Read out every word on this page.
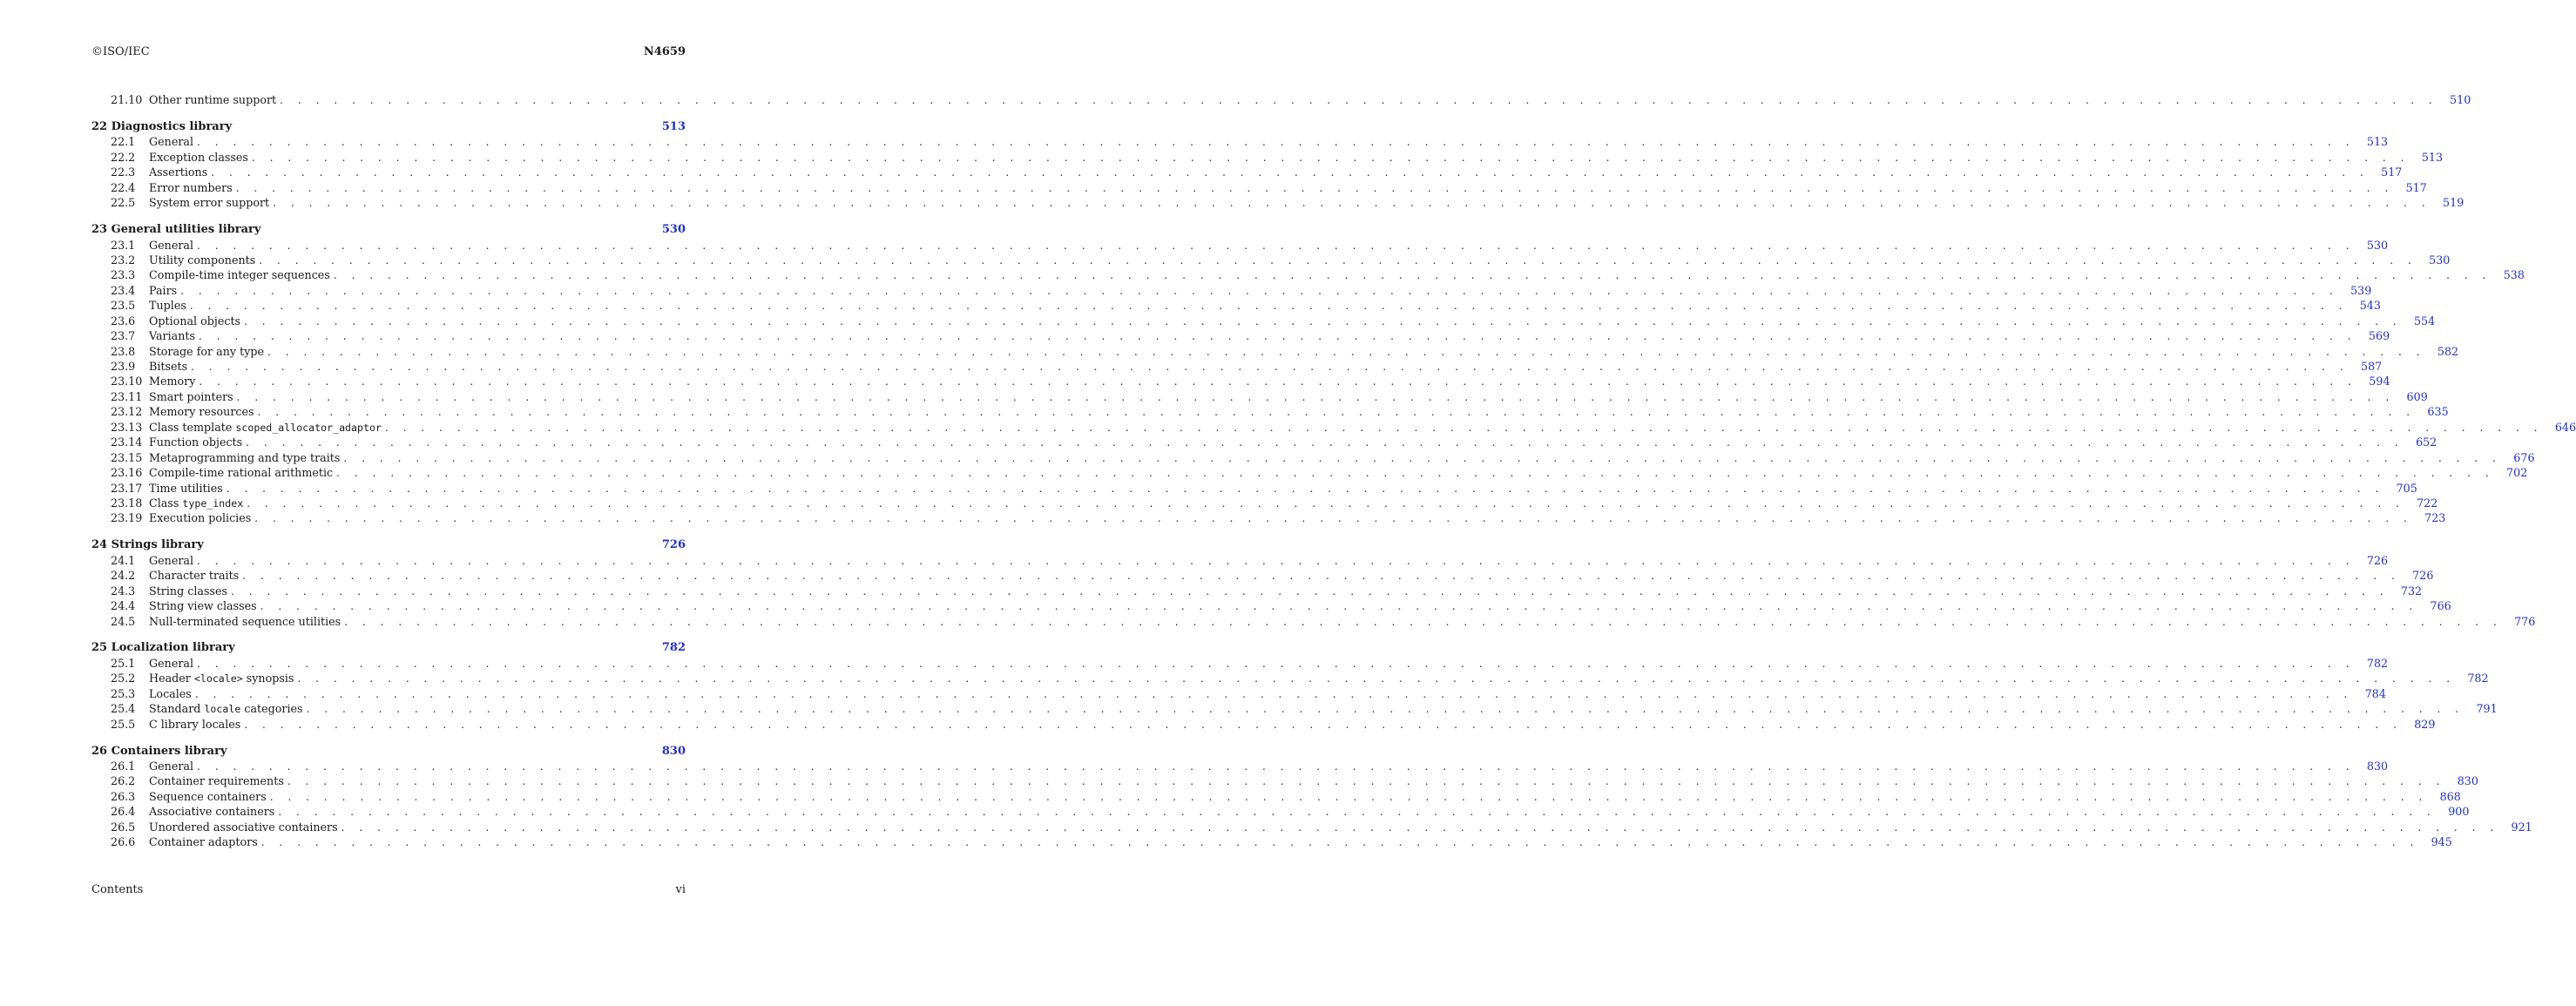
©ISO/IEC	N4659
21.10 Other runtime support . . . . . . . . . . . . . . . . . . . . . . . . . . . . . . . . . . . . . . . . . . . . . . . . . . . . . . . . . . . . . . . . . . . . . . . . . . . . . . . . . . . . . . . . . . . . . . . . . . . . . . . . . . . . . . . . . . . . . . . .	510
22 Diagnostics library	513
22.1	General . . . . . . . . . . . . . . . . . . . . . . . . . . . . . . . . . . . . . . . . . . . . . . . . . . . . . . . . . . . . . . . . . . . . . . . . . . . . . . . . . . . . . . . . . . . . . . . . . . . . . . . . . . . . . . . . . . . . . . . .	513
22.2	Exception classes . . . . . . . . . . . . . . . . . . . . . . . . . . . . . . . . . . . . . . . . . . . . . . . . . . . . . . . . . . . . . . . . . . . . . . . . . . . . . . . . . . . . . . . . . . . . . . . . . . . . . . . . . . . . . . . . . . . . . . . .	513
22.3	Assertions . . . . . . . . . . . . . . . . . . . . . . . . . . . . . . . . . . . . . . . . . . . . . . . . . . . . . . . . . . . . . . . . . . . . . . . . . . . . . . . . . . . . . . . . . . . . . . . . . . . . . . . . . . . . . . . . . . . . . . . .	517
22.4	Error numbers . . . . . . . . . . . . . . . . . . . . . . . . . . . . . . . . . . . . . . . . . . . . . . . . . . . . . . . . . . . . . . . . . . . . . . . . . . . . . . . . . . . . . . . . . . . . . . . . . . . . . . . . . . . . . . . . . . . . . . . .	517
22.5	System error support . . . . . . . . . . . . . . . . . . . . . . . . . . . . . . . . . . . . . . . . . . . . . . . . . . . . . . . . . . . . . . . . . . . . . . . . . . . . . . . . . . . . . . . . . . . . . . . . . . . . . . . . . . . . . . . . . . . . . . . .	519
23 General utilities library	530
23.1	General . . . . . . . . . . . . . . . . . . . . . . . . . . . . . . . . . . . . . . . . . . . . . . . . . . . . . . . . . . . . . . . . . . . . . . . . . . . . . . . . . . . . . . . . . . . . . . . . . . . . . . . . . . . . . . . . . . . . . . . .	530
23.2	Utility components . . . . . . . . . . . . . . . . . . . . . . . . . . . . . . . . . . . . . . . . . . . . . . . . . . . . . . . . . . . . . . . . . . . . . . . . . . . . . . . . . . . . . . . . . . . . . . . . . . . . . . . . . . . . . . . . . . . . . . . .	530
23.3	Compile-time integer sequences . . . . . . . . . . . . . . . . . . . . . . . . . . . . . . . . . . . . . . . . . . . . . . . . . . . . . . . . . . . . . . . . . . . . . . . . . . . . . . . . . . . . . . . . . . . . . . . . . . . . . . . . . . . . . . . . . . . . . . . .	538
23.4	Pairs . . . . . . . . . . . . . . . . . . . . . . . . . . . . . . . . . . . . . . . . . . . . . . . . . . . . . . . . . . . . . . . . . . . . . . . . . . . . . . . . . . . . . . . . . . . . . . . . . . . . . . . . . . . . . . . . . . . . . . . .	539
23.5	Tuples . . . . . . . . . . . . . . . . . . . . . . . . . . . . . . . . . . . . . . . . . . . . . . . . . . . . . . . . . . . . . . . . . . . . . . . . . . . . . . . . . . . . . . . . . . . . . . . . . . . . . . . . . . . . . . . . . . . . . . . .	543
23.6	Optional objects . . . . . . . . . . . . . . . . . . . . . . . . . . . . . . . . . . . . . . . . . . . . . . . . . . . . . . . . . . . . . . . . . . . . . . . . . . . . . . . . . . . . . . . . . . . . . . . . . . . . . . . . . . . . . . . . . . . . . . . .	554
23.7	Variants . . . . . . . . . . . . . . . . . . . . . . . . . . . . . . . . . . . . . . . . . . . . . . . . . . . . . . . . . . . . . . . . . . . . . . . . . . . . . . . . . . . . . . . . . . . . . . . . . . . . . . . . . . . . . . . . . . . . . . . .	569
23.8	Storage for any type . . . . . . . . . . . . . . . . . . . . . . . . . . . . . . . . . . . . . . . . . . . . . . . . . . . . . . . . . . . . . . . . . . . . . . . . . . . . . . . . . . . . . . . . . . . . . . . . . . . . . . . . . . . . . . . . . . . . . . . .	582
23.9	Bitsets . . . . . . . . . . . . . . . . . . . . . . . . . . . . . . . . . . . . . . . . . . . . . . . . . . . . . . . . . . . . . . . . . . . . . . . . . . . . . . . . . . . . . . . . . . . . . . . . . . . . . . . . . . . . . . . . . . . . . . . .	587
23.10 Memory . . . . . . . . . . . . . . . . . . . . . . . . . . . . . . . . . . . . . . . . . . . . . . . . . . . . . . . . . . . . . . . . . . . . . . . . . . . . . . . . . . . . . . . . . . . . . . . . . . . . . . . . . . . . . . . . . . . . . . . .	594
23.11 Smart pointers . . . . . . . . . . . . . . . . . . . . . . . . . . . . . . . . . . . . . . . . . . . . . . . . . . . . . . . . . . . . . . . . . . . . . . . . . . . . . . . . . . . . . . . . . . . . . . . . . . . . . . . . . . . . . . . . . . . . . . . .	609
23.12 Memory resources . . . . . . . . . . . . . . . . . . . . . . . . . . . . . . . . . . . . . . . . . . . . . . . . . . . . . . . . . . . . . . . . . . . . . . . . . . . . . . . . . . . . . . . . . . . . . . . . . . . . . . . . . . . . . . . . . . . . . . . .	635
23.13 Class template scoped_allocator_adaptor . . . . . . . . . . . . . . . . . . . . . . . . . . . . . . . . . . . . . . . . . . . . . . . . . . . . . . . . . . . . . . . . . . . . . . . . . . . . . . . . . . . . . . . . . . . . . . . . . . . . . . . . . . . . . . . . . . . . . . . .	646
23.14 Function objects . . . . . . . . . . . . . . . . . . . . . . . . . . . . . . . . . . . . . . . . . . . . . . . . . . . . . . . . . . . . . . . . . . . . . . . . . . . . . . . . . . . . . . . . . . . . . . . . . . . . . . . . . . . . . . . . . . . . . . . .	652
23.15 Metaprogramming and type traits . . . . . . . . . . . . . . . . . . . . . . . . . . . . . . . . . . . . . . . . . . . . . . . . . . . . . . . . . . . . . . . . . . . . . . . . . . . . . . . . . . . . . . . . . . . . . . . . . . . . . . . . . . . . . . . . . . . . . . . .	676
23.16 Compile-time rational arithmetic . . . . . . . . . . . . . . . . . . . . . . . . . . . . . . . . . . . . . . . . . . . . . . . . . . . . . . . . . . . . . . . . . . . . . . . . . . . . . . . . . . . . . . . . . . . . . . . . . . . . . . . . . . . . . . . . . . . . . . . .	702
23.17 Time utilities . . . . . . . . . . . . . . . . . . . . . . . . . . . . . . . . . . . . . . . . . . . . . . . . . . . . . . . . . . . . . . . . . . . . . . . . . . . . . . . . . . . . . . . . . . . . . . . . . . . . . . . . . . . . . . . . . . . . . . . .	705
23.18 Class type_index . . . . . . . . . . . . . . . . . . . . . . . . . . . . . . . . . . . . . . . . . . . . . . . . . . . . . . . . . . . . . . . . . . . . . . . . . . . . . . . . . . . . . . . . . . . . . . . . . . . . . . . . . . . . . . . . . . . . . . . .	722
23.19 Execution policies . . . . . . . . . . . . . . . . . . . . . . . . . . . . . . . . . . . . . . . . . . . . . . . . . . . . . . . . . . . . . . . . . . . . . . . . . . . . . . . . . . . . . . . . . . . . . . . . . . . . . . . . . . . . . . . . . . . . . . . .	723
24 Strings library	726
24.1	General . . . . . . . . . . . . . . . . . . . . . . . . . . . . . . . . . . . . . . . . . . . . . . . . . . . . . . . . . . . . . . . . . . . . . . . . . . . . . . . . . . . . . . . . . . . . . . . . . . . . . . . . . . . . . . . . . . . . . . . .	726
24.2	Character traits . . . . . . . . . . . . . . . . . . . . . . . . . . . . . . . . . . . . . . . . . . . . . . . . . . . . . . . . . . . . . . . . . . . . . . . . . . . . . . . . . . . . . . . . . . . . . . . . . . . . . . . . . . . . . . . . . . . . . . . .	726
24.3	String classes . . . . . . . . . . . . . . . . . . . . . . . . . . . . . . . . . . . . . . . . . . . . . . . . . . . . . . . . . . . . . . . . . . . . . . . . . . . . . . . . . . . . . . . . . . . . . . . . . . . . . . . . . . . . . . . . . . . . . . . .	732
24.4	String view classes . . . . . . . . . . . . . . . . . . . . . . . . . . . . . . . . . . . . . . . . . . . . . . . . . . . . . . . . . . . . . . . . . . . . . . . . . . . . . . . . . . . . . . . . . . . . . . . . . . . . . . . . . . . . . . . . . . . . . . . .	766
24.5	Null-terminated sequence utilities . . . . . . . . . . . . . . . . . . . . . . . . . . . . . . . . . . . . . . . . . . . . . . . . . . . . . . . . . . . . . . . . . . . . . . . . . . . . . . . . . . . . . . . . . . . . . . . . . . . . . . . . . . . . . . . . . . . . . . . .	776
25 Localization library	782
25.1	General . . . . . . . . . . . . . . . . . . . . . . . . . . . . . . . . . . . . . . . . . . . . . . . . . . . . . . . . . . . . . . . . . . . . . . . . . . . . . . . . . . . . . . . . . . . . . . . . . . . . . . . . . . . . . . . . . . . . . . . .	782
25.2	Header <locale> synopsis . . . . . . . . . . . . . . . . . . . . . . . . . . . . . . . . . . . . . . . . . . . . . . . . . . . . . . . . . . . . . . . . . . . . . . . . . . . . . . . . . . . . . . . . . . . . . . . . . . . . . . . . . . . . . . . . . . . . . . . .	782
25.3	Locales . . . . . . . . . . . . . . . . . . . . . . . . . . . . . . . . . . . . . . . . . . . . . . . . . . . . . . . . . . . . . . . . . . . . . . . . . . . . . . . . . . . . . . . . . . . . . . . . . . . . . . . . . . . . . . . . . . . . . . . .	784
25.4	Standard locale categories . . . . . . . . . . . . . . . . . . . . . . . . . . . . . . . . . . . . . . . . . . . . . . . . . . . . . . . . . . . . . . . . . . . . . . . . . . . . . . . . . . . . . . . . . . . . . . . . . . . . . . . . . . . . . . . . . . . . . . . .	791
25.5	C library locales . . . . . . . . . . . . . . . . . . . . . . . . . . . . . . . . . . . . . . . . . . . . . . . . . . . . . . . . . . . . . . . . . . . . . . . . . . . . . . . . . . . . . . . . . . . . . . . . . . . . . . . . . . . . . . . . . . . . . . . .	829
26 Containers library	830
26.1	General . . . . . . . . . . . . . . . . . . . . . . . . . . . . . . . . . . . . . . . . . . . . . . . . . . . . . . . . . . . . . . . . . . . . . . . . . . . . . . . . . . . . . . . . . . . . . . . . . . . . . . . . . . . . . . . . . . . . . . . .	830
26.2	Container requirements . . . . . . . . . . . . . . . . . . . . . . . . . . . . . . . . . . . . . . . . . . . . . . . . . . . . . . . . . . . . . . . . . . . . . . . . . . . . . . . . . . . . . . . . . . . . . . . . . . . . . . . . . . . . . . . . . . . . . . . .	830
26.3	Sequence containers . . . . . . . . . . . . . . . . . . . . . . . . . . . . . . . . . . . . . . . . . . . . . . . . . . . . . . . . . . . . . . . . . . . . . . . . . . . . . . . . . . . . . . . . . . . . . . . . . . . . . . . . . . . . . . . . . . . . . . . .	868
26.4	Associative containers . . . . . . . . . . . . . . . . . . . . . . . . . . . . . . . . . . . . . . . . . . . . . . . . . . . . . . . . . . . . . . . . . . . . . . . . . . . . . . . . . . . . . . . . . . . . . . . . . . . . . . . . . . . . . . . . . . . . . . . .	900
26.5	Unordered associative containers . . . . . . . . . . . . . . . . . . . . . . . . . . . . . . . . . . . . . . . . . . . . . . . . . . . . . . . . . . . . . . . . . . . . . . . . . . . . . . . . . . . . . . . . . . . . . . . . . . . . . . . . . . . . . . . . . . . . . . . .	921
26.6	Container adaptors . . . . . . . . . . . . . . . . . . . . . . . . . . . . . . . . . . . . . . . . . . . . . . . . . . . . . . . . . . . . . . . . . . . . . . . . . . . . . . . . . . . . . . . . . . . . . . . . . . . . . . . . . . . . . . . . . . . . . . . .	945
Contents	vi
